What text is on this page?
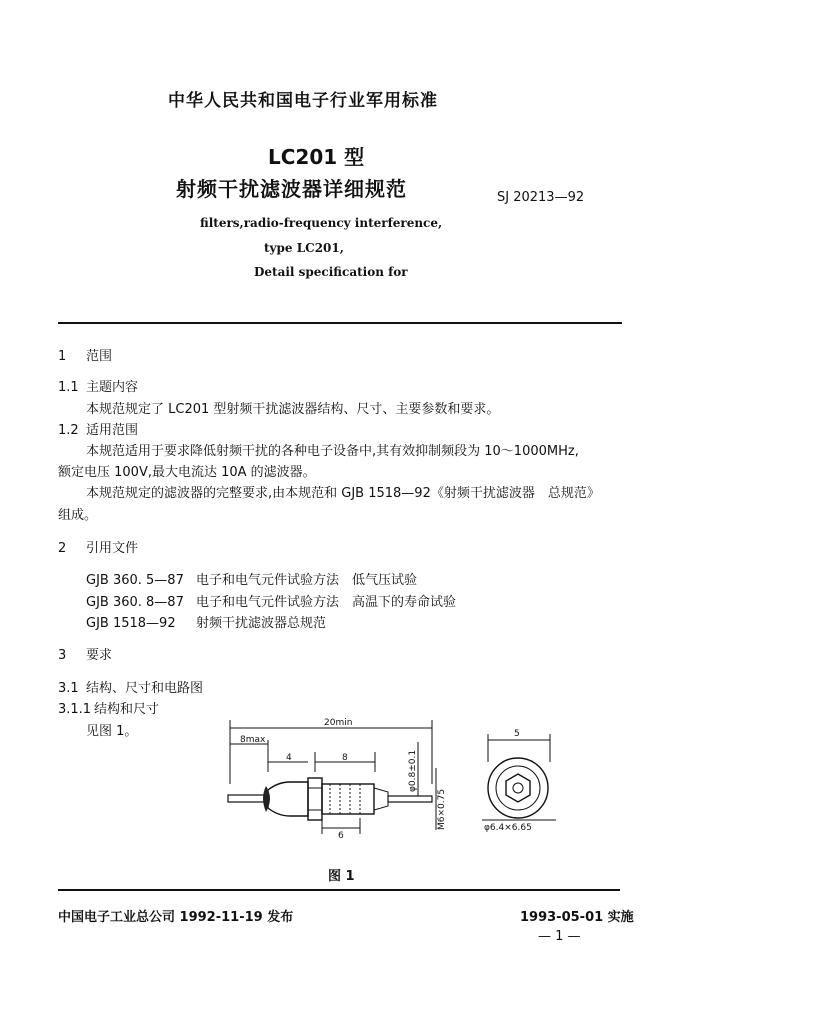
中华人民共和国电子行业军用标准
LC201 型
射频干扰滤波器详细规范	SJ 20213—92
filters,radio-frequency interference,
type LC201,
Detail specification for
1 范围
1.1 主题内容
本规范规定了 LC201 型射频干扰滤波器结构、尺寸、主要参数和要求。
1.2 适用范围
本规范适用于要求降低射频干扰的各种电子设备中,其有效抑制频段为 10～1000MHz,
额定电压 100V,最大电流达 10A 的滤波器。
本规范规定的滤波器的完整要求,由本规范和 GJB 1518—92《射频干扰滤波器　总规范》
组成。
2 引用文件
GJB 360. 5—87 电子和电气元件试验方法　低气压试验
GJB 360. 8—87 电子和电气元件试验方法　高温下的寿命试验
GJB 1518—92 射频干扰滤波器总规范
3 要求
3.1 结构、尺寸和电路图
3.1.1 结构和尺寸
见图 1。
20min
8max
4	8
6
φ0.8±0.1
M6×0.75
5
φ6.4×6.65
图 1
中国电子工业总公司 1992-11-19 发布	1993-05-01 实施
— 1 —
